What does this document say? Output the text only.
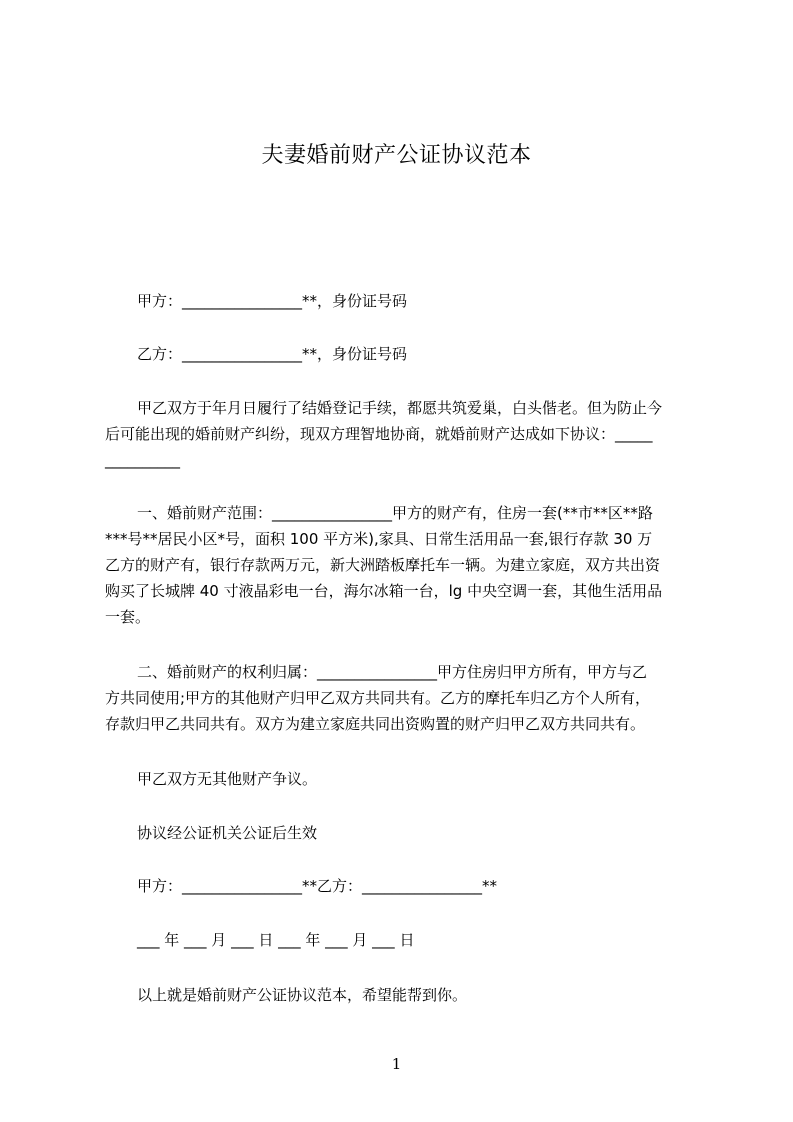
夫妻婚前财产公证协议范本
甲方：________________**，身份证号码
乙方：________________**，身份证号码
甲乙双方于年月日履行了结婚登记手续，都愿共筑爱巢，白头偕老。但为防止今
后可能出现的婚前财产纠纷，现双方理智地协商，就婚前财产达成如下协议：_____
__________
一、婚前财产范围：________________甲方的财产有，住房一套(**市**区**路
***号**居民小区*号，面积 100 平方米),家具、日常生活用品一套,银行存款 30 万
乙方的财产有，银行存款两万元，新大洲踏板摩托车一辆。为建立家庭，双方共出资
购买了长城牌 40 寸液晶彩电一台，海尔冰箱一台，lg 中央空调一套，其他生活用品
一套。
二、婚前财产的权利归属：________________甲方住房归甲方所有，甲方与乙
方共同使用;甲方的其他财产归甲乙双方共同共有。乙方的摩托车归乙方个人所有，
存款归甲乙共同共有。双方为建立家庭共同出资购置的财产归甲乙双方共同共有。
甲乙双方无其他财产争议。
协议经公证机关公证后生效
甲方：________________**乙方：________________**
___ 年 ___ 月 ___ 日 ___ 年 ___ 月 ___ 日
以上就是婚前财产公证协议范本，希望能帮到你。
1
